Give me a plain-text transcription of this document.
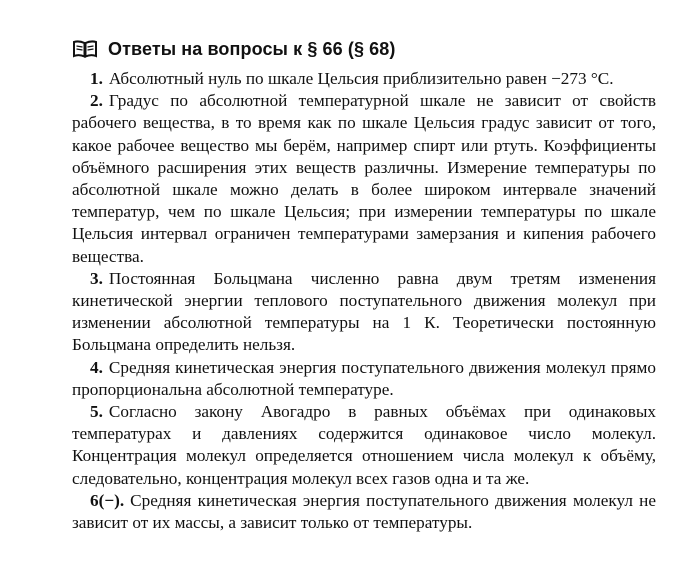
Ответы на вопросы к § 66 (§ 68)

1. Абсолютный нуль по шкале Цельсия приблизительно равен −273 °C.

2. Градус по абсолютной температурной шкале не зависит от свойств рабочего вещества, в то время как по шкале Цельсия градус зависит от того, какое рабочее вещество мы берём, например спирт или ртуть. Коэффициенты объёмного расширения этих веществ различны. Измерение температуры по абсолютной шкале можно делать в более широком интервале значений температур, чем по шкале Цельсия; при измерении температуры по шкале Цельсия интервал ограничен температурами замерзания и кипения рабочего вещества.

3. Постоянная Больцмана численно равна двум третям изменения кинетической энергии теплового поступательного движения молекул при изменении абсолютной температуры на 1 К. Теоретически постоянную Больцмана определить нельзя.

4. Средняя кинетическая энергия поступательного движения молекул прямо пропорциональна абсолютной температуре.

5. Согласно закону Авогадро в равных объёмах при одинаковых температурах и давлениях содержится одинаковое число молекул. Концентрация молекул определяется отношением числа молекул к объёму, следовательно, концентрация молекул всех газов одна и та же.

6(−). Средняя кинетическая энергия поступательного движения молекул не зависит от их массы, а зависит только от температуры.
